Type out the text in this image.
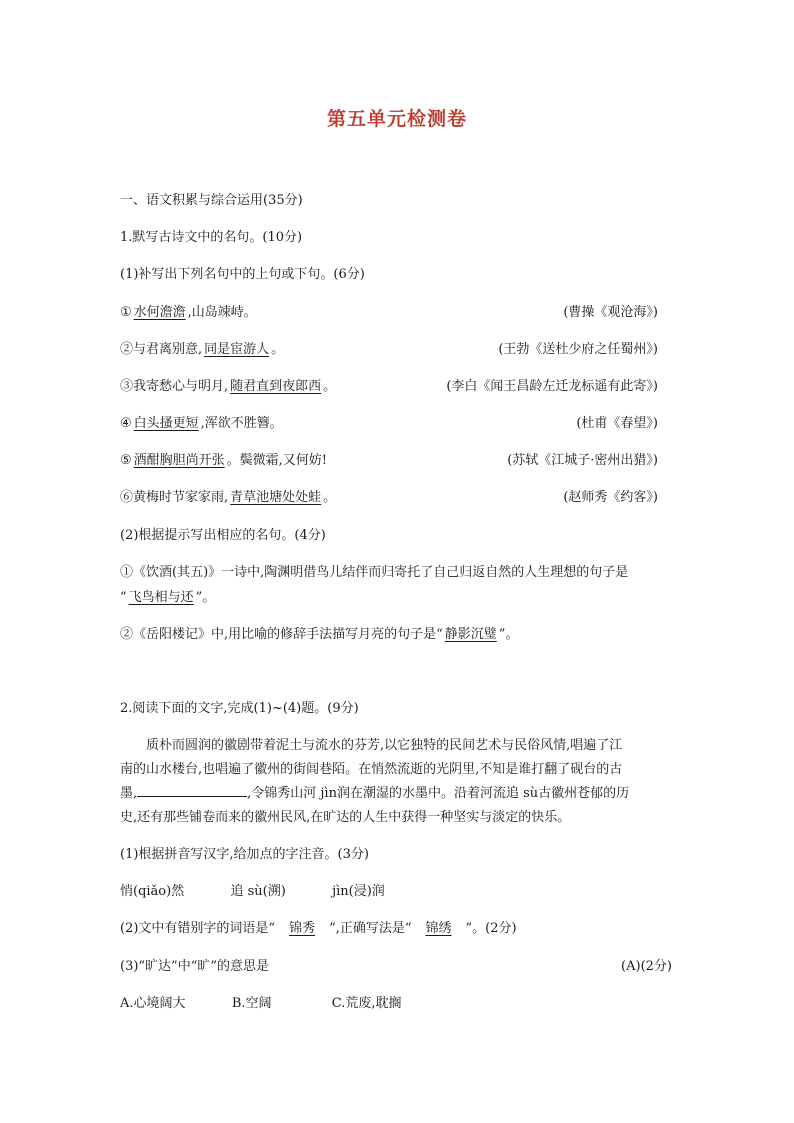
第五单元检测卷
一、语文积累与综合运用(35分)
1.默写古诗文中的名句。(10分)
(1)补写出下列名句中的上句或下句。(6分)
① 水何澹澹 ,山岛竦峙。	(曹操《观沧海》)
②与君离别意, 同是宦游人 。	(王勃《送杜少府之任蜀州》)
③我寄愁心与明月, 随君直到夜郎西 。	(李白《闻王昌龄左迁龙标遥有此寄》)
④ 白头搔更短 ,浑欲不胜簪。	(杜甫《春望》)
⑤ 酒酣胸胆尚开张 。鬓微霜,又何妨!	(苏轼《江城子·密州出猎》)
⑥黄梅时节家家雨, 青草池塘处处蛙 。	(赵师秀《约客》)
(2)根据提示写出相应的名句。(4分)
①《饮酒(其五)》一诗中,陶渊明借鸟儿结伴而归寄托了自己归返自然的人生理想的句子是
“ 飞鸟相与还 ”。
②《岳阳楼记》中,用比喻的修辞手法描写月亮的句子是“ 静影沉璧 ”。
2.阅读下面的文字,完成(1)~(4)题。(9分)
质朴而圆润的徽剧带着泥土与流水的芬芳,以它独特的民间艺术与民俗风情,唱遍了江
南的山水楼台,也唱遍了徽州的街闾巷陌。在悄然流逝的光阴里,不知是谁打翻了砚台的古
墨,	,令锦秀山河 jìn润在潮湿的水墨中。沿着河流追 sù古徽州苍郁的历
史,还有那些铺卷而来的徽州民风,在旷达的人生中获得一种坚实与淡定的快乐。
(1)根据拼音写汉字,给加点的字注音。(3分)
悄(qiǎo)然	追 sù(溯)	jìn(浸)润
(2)文中有错别字的词语是“ 锦秀 ”,正确写法是“ 锦绣 ”。(2分)
(3)“旷达”中“旷”的意思是	(A)(2分)
A.心境阔大	B.空阔	C.荒废,耽搁
